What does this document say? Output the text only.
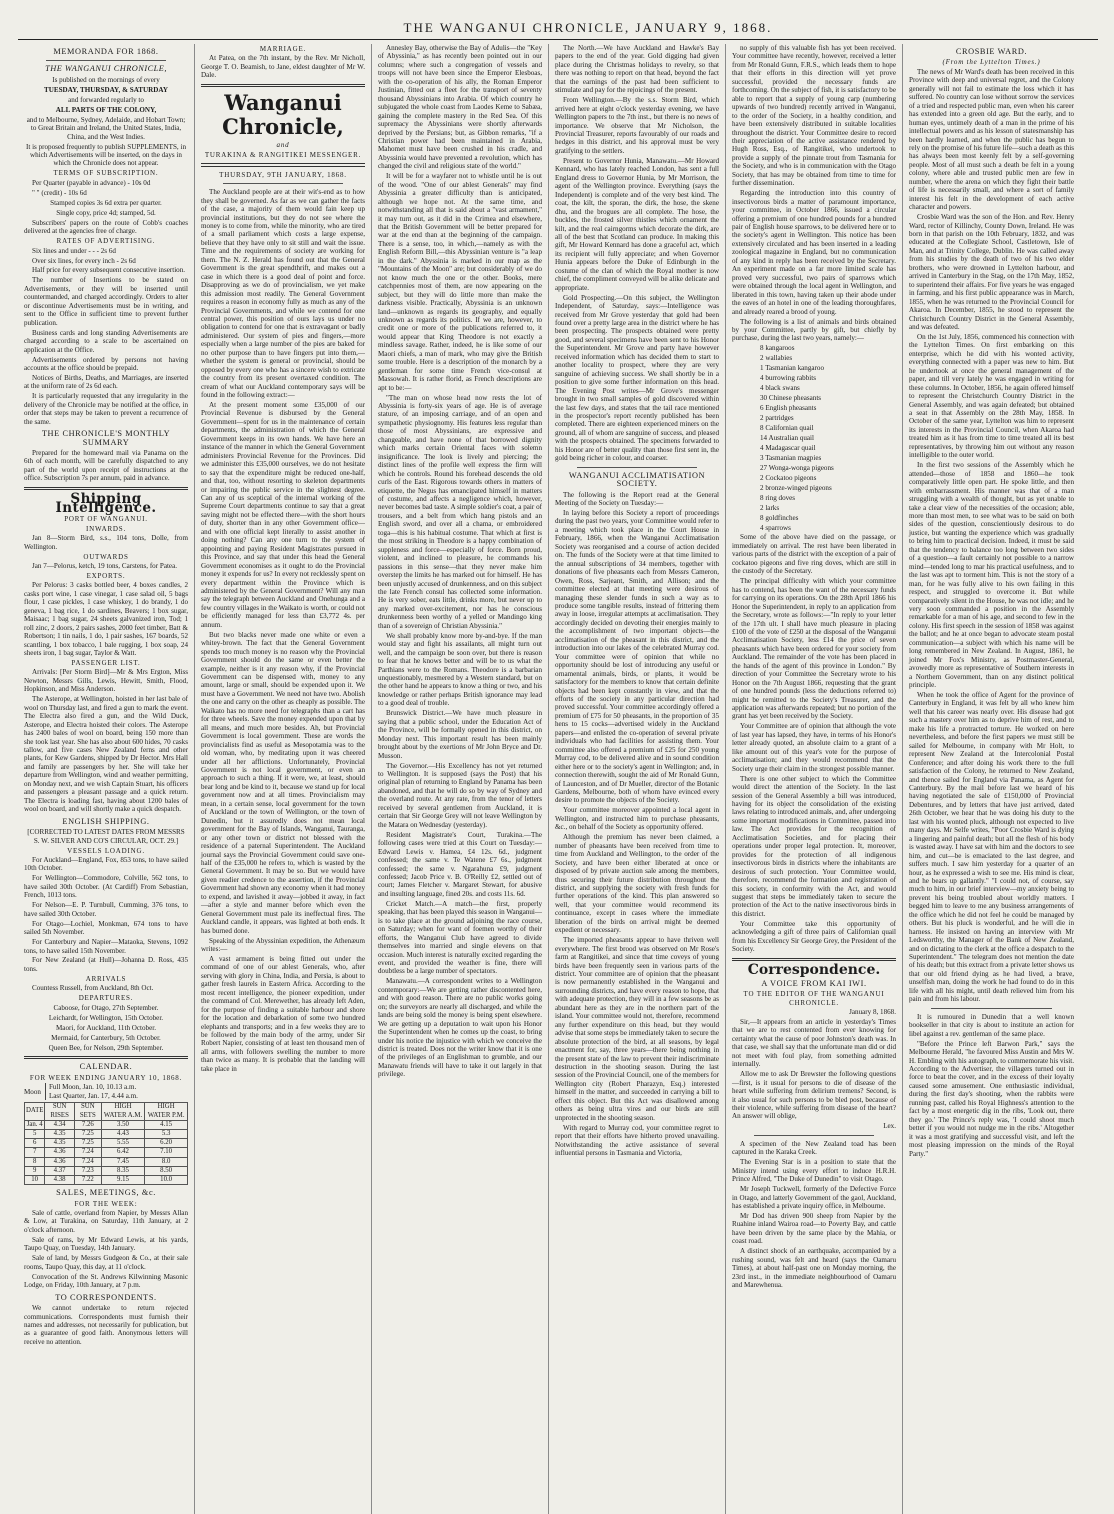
THE WANGANUI CHRONICLE, JANUARY 9, 1868.
MEMORANDA FOR 1868.
THE WANGANUI CHRONICLE,

Is published on the mornings of every

TUESDAY, THURSDAY, & SATURDAY

and forwarded regularly to

ALL PARTS OF THE COLONY,

and to Melbourne, Sydney, Adelaide, and Hobart Town; to Great Britain and Ireland, the United States, India, China, and the West Indies.

It is proposed frequently to publish SUPPLEMENTS, in which Advertisements will be inserted, on the days in which the Chronicle does not appear.

TERMS OF SUBSCRIPTION.

Per Quarter (payable in advance) - 10s 0d

" " (credit) - 10s 6d

Stamped copies 3s 6d extra per quarter.

Single copy, price 4d; stamped, 5d.

Subscribers' papers on the route of Cobb's coaches delivered at the agencies free of charge.

RATES OF ADVERTISING.

Six lines and under - - - 2s 6d

Over six lines, for every inch - 2s 6d

Half price for every subsequent consecutive insertion.

The number of Insertions to be stated on Advertisements, or they will be inserted until countermanded, and charged accordingly. Orders to alter or discontinue Advertisements must be in writing, and sent to the Office in sufficient time to prevent further publication.

Business cards and long standing Advertisements are charged according to a scale to be ascertained on application at the Office.

Advertisements ordered by persons not having accounts at the office should be prepaid.

Notices of Births, Deaths, and Marriages, are inserted at the uniform rate of 2s 6d each.

It is particularly requested that any irregularity in the delivery of the Chronicle may be notified at the office, in order that steps may be taken to prevent a recurrence of the same.

THE CHRONICLE'S MONTHLY SUMMARY

Prepared for the homeward mail via Panama on the 6th of each month, will be carefully dispatched to any part of the world upon receipt of instructions at the office. Subscription 7s per annum, paid in advance.

Shipping Intelligence.
PORT OF WANGANUI.
INWARDS.

Jan 8—Storm Bird, s.s., 104 tons, Dolle, from Wellington.

OUTWARDS

Jan 7—Pelorus, ketch, 19 tons, Carstens, for Patea.

EXPORTS.

Per Pelorus: 3 casks bottled beer, 4 boxes candles, 2 casks port wine, 1 case vinegar, 1 case salad oil, 5 bags flour, 1 case pickles, 1 case whiskey, 1 do brandy, 1 do geneva, 1 bag rice, 1 do sardines, Beavers; 1 box sugar, Maisaac; 1 bag sugar, 24 sheets galvanized iron, Tod; 1 roll zinc, 2 doors, 2 pairs sashes, 2000 feet timber, Batt & Robertson; 1 tin nails, 1 do, 1 pair sashes, 167 boards, 52 scantling, 1 box tobacco, 1 bale rugging, 1 box soap, 24 sheets iron, 1 bag sugar, Taylor & Watt.

PASSENGER LIST.

Arrivals: [Per Storm Bird]—Mr & Mrs Ergton, Miss Newton, Messrs Gills, Lewis, Hewitt, Smith, Flood, Hopkinson, and Miss Anderson.

The Asterope, at Wellington, hoisted in her last bale of wool on Thursday last, and fired a gun to mark the event. The Electra also fired a gun, and the Wild Duck, Asterope, and Electra hoisted their colors. The Asterope has 2400 bales of wool on board, being 150 more than she took last year. She has also about 600 hides, 70 casks tallow, and five cases New Zealand ferns and other plants, for Kew Gardens, shipped by Dr Hector. Mrs Hall and family are passengers by her. She will take her departure from Wellington, wind and weather permitting, on Monday next, and we wish Captain Stuart, his officers and passengers a pleasant passage and a quick return. The Electra is loading fast, having about 1200 bales of wool on board, and will shortly make a quick despatch.

ENGLISH SHIPPING.

[CORRECTED TO LATEST DATES FROM MESSRS S. W. SILVER AND CO'S CIRCULAR, OCT. 29.]

VESSELS LOADING.

For Auckland—England, Fox, 853 tons, to have sailed 10th October.

For Wellington—Commodore, Colville, 562 tons, to have sailed 30th October. (At Cardiff) From Sebastian, French, 1013 tons.

For Nelson—E. P. Turnbull, Cumming, 376 tons, to have sailed 30th October.

For Otago—Lochiel, Monkman, 674 tons to have sailed 5th November.

For Canterbury and Napier—Mataoka, Stevens, 1092 tons, to have sailed 15th November.

For New Zealand (at Hull)—Johanna D. Ross, 435 tons.

ARRIVALS

Countess Russell, from Auckland, 8th Oct.

DEPARTURES.

Caboose, for Otago, 27th September.

Leichardt, for Wellington, 15th October.

Maori, for Auckland, 11th October.

Mermaid, for Canterbury, 5th October.

Queen Bee, for Nelson, 29th September.

CALENDAR.
FOR WEEK ENDING JANUARY 10, 1868.
Moon
Full Moon, Jan. 10, 10.13 a.m.
Last Quarter, Jan. 17, 4.44 a.m.
DATE	SUN RISES	SUN SETS	HIGH WATER A.M.	HIGH WATER P.M.
Jan. 4	4.34	7.26	3.50	4.15
5	4.35	7.25	4.43	5.3
6	4.35	7.25	5.55	6.20
7	4.36	7.24	6.42	7.10
8	4.36	7.24	7.45	8.0
9	4.37	7.23	8.35	8.50
10	4.38	7.22	9.15	10.0
SALES, MEETINGS, &c.
FOR THE WEEK:

Sale of cattle, overland from Napier, by Messrs Allan & Low, at Turakina, on Saturday, 11th January, at 2 o'clock afternoon.

Sale of rams, by Mr Edward Lewis, at his yards, Taupo Quay, on Tuesday, 14th January.

Sale of land, by Messrs Gudgeon & Co., at their sale rooms, Taupo Quay, this day, at 11 o'clock.

Convocation of the St. Andrews Kilwinning Masonic Lodge, on Friday, 10th January, at 7 p.m.

TO CORRESPONDENTS.

We cannot undertake to return rejected communications. Correspondents must furnish their names and addresses, not necessarily for publication, but as a guarantee of good faith. Anonymous letters will receive no attention.

MARRIAGE.

At Patea, on the 7th instant, by the Rev. Mr Nicholl, George T. O. Beamish, to Jane, eldest daughter of Mr W. Dale.

Wanganui Chronicle,
and
TURAKINA & RANGITIKEI MESSENGER.
THURSDAY, 9TH JANUARY, 1868.

The Auckland people are at their wit's-end as to how they shall be governed. As far as we can gather the facts of the case, a majority of them would fain keep up provincial institutions, but they do not see where the money is to come from, while the minority, who are tired of a small parliament which costs a large expense, believe that they have only to sit still and wait the issue. Time and the requirements of society are working for them. The N. Z. Herald has found out that the General Government is the great spendthrift, and makes out a case in which there is a good deal of point and force. Disapproving as we do of provincialism, we yet make this admission most readily. The General Government requires a reason in economy fully as much as any of the Provincial Governments, and while we contend for one central power, this position of ours lays us under no obligation to contend for one that is extravagant or badly administered. Our system of pies and fingers,—more especially when a large number of the pies are baked for no other purpose than to have fingers put into them,—whether the system is general or provincial, should be opposed by every one who has a sincere wish to extricate the country from its present overtaxed condition. The cream of what our Auckland contemporary says will be found in the following extract:—

At the present moment some £35,000 of our Provincial Revenue is disbursed by the General Government—spent for us in the maintenance of certain departments, the administration of which the General Government keeps in its own hands. We have here an instance of the manner in which the General Government administers Provincial Revenue for the Provinces. Did we administer this £35,000 ourselves, we do not hesitate to say that the expenditure might be reduced one-half, and that, too, without resorting to skeleton departments or impairing the public service in the slightest degree. Can any of us sceptical of the internal working of the Supreme Court departments continue to say that a great saving might not be effected there—with the short hours of duty, shorter than in any other Government office—and with one official kept literally to assist another in doing nothing? Can any one turn to the system of appointing and paying Resident Magistrates pursued in this Province, and say that under this head the General Government economises as it ought to do the Provincial money it expends for us? In every not recklessly spent on every department within the Province which is administered by the General Government? Will any man say the telegraph between Auckland and Onehunga and a few country villages in the Waikato is worth, or could not be efficiently managed for less than £3,772 4s. per annum.

But two blacks never made one white or even a whitey-brown. The fact that the General Government spends too much money is no reason why the Provincial Government should do the same or even better the example, neither is it any reason why, if the Provincial Government can be dispensed with, money to any amount, large or small, should be expended upon it. We must have a Government. We need not have two. Abolish the one and carry on the other as cheaply as possible. The Waikato has no more need for telegraphs than a cart has for three wheels. Save the money expended upon that by all means, and much more besides. Ah, but Provincial Government is local government. These are words the provincialists find as useful as Mesopotamia was to the old woman, who, by meditating upon it was cheered under all her afflictions. Unfortunately, Provincial Government is not local government, or even an approach to such a thing. If it were, we, at least, should bear long and be kind to it, because we stand up for local government now and at all times. Provincialism may mean, in a certain sense, local government for the town of Auckland or the town of Wellington, or the town of Dunedin, but it assuredly does not mean local government for the Bay of Islands, Wanganui, Tauranga, or any other town or district not blessed with the residence of a paternal Superintendent. The Auckland journal says the Provincial Government could save one-half of the £35,000 he refers to, which is wasted by the General Government. It may be so. But we would have given readier credence to the assertion, if the Provincial Government had shown any economy when it had money to expend, and lavished it away—jobbed it away, in fact—after a style and manner before which even the General Government must pale its ineffectual fires. The Auckland candle, it appears, was lighted at both ends. It has burned done.

Speaking of the Abyssinian expedition, the Athenæum writes:—

A vast armament is being fitted out under the command of one of our ablest Generals, who, after serving with glory in China, India, and Persia, is about to gather fresh laurels in Eastern Africa. According to the most recent intelligence, the pioneer expedition, under the command of Col. Merewether, has already left Aden, for the purpose of finding a suitable harbour and shore for the location and debarkation of some two hundred elephants and transports; and in a few weeks they are to be followed by the main body of the army, under Sir Robert Napier, consisting of at least ten thousand men of all arms, with followers swelling the number to more than twice as many. It is probable that the landing will take place in

Annesley Bay, otherwise the Bay of Adulis—the "Key of Abyssinia," as has recently been pointed out in our columns; where such a congregation of vessels and troops will not have been since the Emperor Elesboas, with the co-operation of his ally, the Roman Emperor Justinian, fitted out a fleet for the transport of seventy thousand Abyssinians into Arabia. Of which country he subjugated the whole coast from Laodes Keme to Sabæa, gaining the complete mastery in the Red Sea. Of this supremacy the Abyssinians were shortly afterwards deprived by the Persians; but, as Gibbon remarks, "if a Christian power had been maintained in Arabia, Mahomet must have been crushed in his cradle, and Abyssinia would have prevented a revolution, which has changed the civil and religious state of the world."

It will be for a wayfarer not to whistle until he is out of the wood. "One of our ablest Generals" may find Abyssinia a greater difficulty than is anticipated, although we hope not. At the same time, and notwithstanding all that is said about a "vast armament," it may turn out, as it did in the Crimea and elsewhere, that the British Government will be better prepared for war at the end than at the beginning of the campaign. There is a sense, too, in which,—namely as with the English Reform Bill,—this Abyssinian venture is "a leap in the dark." Abyssinia is marked in our map as the "Mountains of the Moon" are; but considerably of we do not know much the one or the other. Books, mere catchpennies most of them, are now appearing on the subject, but they will do little more than make the darkness visible. Practically, Abyssinia is an unknown land—unknown as regards its geography, and equally unknown as regards its politics. If we are, however, to credit one or more of the publications referred to, it would appear that King Theodore is not exactly a mindless savage. Rather, indeed, he is like some of our Maori chiefs, a man of mark, who may give the British some trouble. Here is a description of the monarch by a gentleman for some time French vice-consul at Massowah. It is rather florid, as French descriptions are apt to be:—

"The man on whose head now rests the lot of Abyssinia is forty-six years of age. He is of average stature, of an imposing carriage, and of an open and sympathetic physiognomy. His features less regular than those of most Abyssinians, are expressive and changeable, and have none of that borrowed dignity which marks certain Oriental faces with solemn insignificance. The look is lively and piercing; the distinct lines of the profile well express the firm will which he controls. Round his forehead descends the old curls of the East. Rigorous towards others in matters of etiquette, the Negus has emancipated himself in matters of costume, and affects a negligence which, however, never becomes bad taste. A simple soldier's coat, a pair of trousers, and a belt from which hang pistols and an English sword, and over all a chama, or embroidered toga—this is his habitual costume. That which at first is the most striking in Theodore is a happy combination of suppleness and force—especially of force. Born proud, violent, and inclined to pleasure, he commands his passions in this sense—that they never make him overstep the limits he has marked out for himself. He has been unjustly accused of drunkenness, and on this subject the late French consul has collected some information. He is very sober, eats little, drinks more, but never up to any marked over-excitement, nor has he conscious drunkenness been worthy of a yelled or Mandingo king than of a sovereign of Christian Abyssinia."

We shall probably know more by-and-bye. If the man would stay and fight his assailants, all might turn out well, and the campaign be soon over, but there is reason to fear that he knows better and will be to us what the Parthians were to the Romans. Theodore is a barbarian unquestionably, mesmered by a Western standard, but on the other hand he appears to know a thing or two, and his knowledge or rather perhaps British ignorance may lead to a good deal of trouble.

Brunswick District.—We have much pleasure in saying that a public school, under the Education Act of the Province, will be formally opened in this district, on Monday next. This important result has been mainly brought about by the exertions of Mr John Bryce and Dr. Musson.

The Governor.—His Excellency has not yet returned to Wellington. It is supposed (says the Post) that his original plan of returning to England by Panama has been abandoned, and that he will do so by way of Sydney and the overland route. At any rate, from the tenor of letters received by several gentlemen from Auckland, it is certain that Sir George Grey will not leave Wellington by the Matara on Wednesday (yesterday).

Resident Magistrate's Court, Turakina.—The following cases were tried at this Court on Tuesday:—Edward Lewis v. Hamea, £4 12s. 6d., judgment confessed; the same v. Te Watene £7 6s., judgment confessed; the same v. Ngarahuna £9, judgment confessed; Jacob Price v. B. O'Reilly £2, settled out of court; James Fletcher v. Margaret Stewart, for abusive and insulting language, fined 20s. and costs 11s. 6d.

Cricket Match.—A match—the first, properly speaking, that has been played this season in Wanganui—is to take place at the ground adjoining the race course, on Saturday; when for want of foemen worthy of their efforts, the Wanganui Club have agreed to divide themselves into married and single elevens on that occasion. Much interest is naturally excited regarding the event, and provided the weather is fine, there will doubtless be a large number of spectators.

Manawatu.—A correspondent writes to a Wellington contemporary:—We are getting rather discontented here, and with good reason. There are no public works going on; the surveyors are nearly all discharged, and while the lands are being sold the money is being spent elsewhere. We are getting up a deputation to wait upon his Honor the Superintendent when he comes up the coast, to bring under his notice the injustice with which we conceive the district is treated. Does not the writer know that it is one of the privileges of an Englishman to grumble, and our Manawatu friends will have to take it out largely in that privilege.

The North.—We have Auckland and Hawke's Bay papers to the end of the year. Gold digging had given place during the Christmas holidays to revelry, so that there was nothing to report on that head, beyond the fact that the earnings of the past had been sufficient to stimulate and pay for the rejoicings of the present.

From Wellington.—By the s.s. Storm Bird, which arrived here at eight o'clock yesterday evening, we have Wellington papers to the 7th inst., but there is no news of importance. We observe that Mr Nicholson, the Provincial Treasurer, reports favourably of our roads and hedges in this district, and his approval must be very gratifying to the settlers.

Present to Governor Hunia, Manawatu.—Mr Howard Kennard, who has lately reached London, has sent a full England dress to Governor Hunia, by Mr Morrison, the agent of the Wellington province. Everything (says the Independent) is complete and of the very best kind. The coat, the kilt, the sporan, the dirk, the hose, the skene dhu, and the brogues are all complete. The hose, the buckles, the frosted silver thistles which ornament the kilt, and the real cairngorms which decorate the dirk, are all of the best that Scotland can produce. In making this gift, Mr Howard Kennard has done a graceful act, which its recipient will fully appreciate; and when Governor Hunia appears before the Duke of Edinburgh in the costume of the clan of which the Royal mother is now chief, the compliment conveyed will be alike delicate and appropriate.

Gold Prospecting.—On this subject, the Wellington Independent, of Saturday, says:—Intelligence was received from Mr Grove yesterday that gold had been found over a pretty large area in the district where he has been prospecting. The prospects obtained were pretty good, and several specimens have been sent to his Honor the Superintendent. Mr Grove and party have however received information which has decided them to start to another locality to prospect, where they are very sanguine of achieving success. We shall shortly be in a position to give some further information on this head. The Evening Post writes—Mr Grove's messenger brought in two small samples of gold discovered within the last few days, and states that the tail race mentioned in the prospector's report recently published has been completed. There are eighteen experienced miners on the ground, all of whom are sanguine of success, and pleased with the prospects obtained. The specimens forwarded to his Honor are of better quality than those first sent in, the gold being richer in colour, and coarser.

WANGANUI ACCLIMATISATION SOCIETY.

The following is the Report read at the General Meeting of the Society on Tuesday:—

In laying before this Society a report of proceedings during the past two years, your Committee would refer to a meeting which took place in the Court House in February, 1866, when the Wanganui Acclimatisation Society was reorganised and a course of action decided on. The funds of the Society were at that time limited to the annual subscriptions of 34 members, together with donations of five pheasants each from Messrs Cameron, Owen, Ross, Sarjeant, Smith, and Allison; and the committee elected at that meeting were desirous of managing these slender funds in such a way as to produce some tangible results, instead of frittering them away in loose, irregular attempts at acclimatisation. They accordingly decided on devoting their energies mainly to the accomplishment of two important objects—the acclimatisation of the pheasant in this district, and the introduction into our lakes of the celebrated Murray cod. Your committee were of opinion that while no opportunity should be lost of introducing any useful or ornamental animals, birds, or plants, it would be satisfactory for the members to know that certain definite objects had been kept constantly in view, and that the efforts of the society in any particular direction had proved successful. Your committee accordingly offered a premium of £75 for 50 pheasants, in the proportion of 35 hens to 15 cocks—advertised widely in the Auckland papers—and enlisted the co-operation of several private individuals who had facilities for assisting them. Your committee also offered a premium of £25 for 250 young Murray cod, to be delivered alive and in sound condition either here or to the society's agent in Wellington; and, in connection therewith, sought the aid of Mr Ronald Gunn, of Launceston, and of Dr Mueller, director of the Botanic Gardens, Melbourne, both of whom have evinced every desire to promote the objects of the Society.

Your committee moreover appointed a local agent in Wellington, and instructed him to purchase pheasants, &c., on behalf of the Society as opportunity offered.

Although the premium has never been claimed, a number of pheasants have been received from time to time from Auckland and Wellington, to the order of the Society, and have been either liberated at once or disposed of by private auction sale among the members, thus securing their future distribution throughout the district, and supplying the society with fresh funds for further operations of the kind. This plan answered so well, that your committee would recommend its continuance, except in cases where the immediate liberation of the birds on arrival might be deemed expedient or necessary.

The imported pheasants appear to have thriven well everywhere. The first brood was observed on Mr Rose's farm at Rangitikei, and since that time coveys of young birds have been frequently seen in various parts of the district. Your committee are of opinion that the pheasant is now permanently established in the Wanganui and surrounding districts, and have every reason to hope, that with adequate protection, they will in a few seasons be as abundant here as they are in the northern part of the island. Your committee would not, therefore, recommend any further expenditure on this head, but they would advise that some steps be immediately taken to secure the absolute protection of the bird, at all seasons, by legal enactment for, say, three years—there being nothing in the present state of the law to prevent their indiscriminate destruction in the shooting season. During the last session of the Provincial Council, one of the members for Wellington city (Robert Pharazyn, Esq.) interested himself in the matter, and succeeded in carrying a bill to effect this object. But this Act was disallowed among others as being ultra vires and our birds are still unprotected in the shooting season.

With regard to Murray cod, your committee regret to report that their efforts have hitherto proved unavailing. Notwithstanding the active assistance of several influential persons in Tasmania and Victoria,

no supply of this valuable fish has yet been received. Your committee have recently, however, received a letter from Mr Ronald Gunn, F.R.S., which leads them to hope that their efforts in this direction will yet prove successful, provided the necessary funds are forthcoming. On the subject of fish, it is satisfactory to be able to report that a supply of young carp (numbering upwards of two hundred) recently arrived in Wanganui, to the order of the Society, in a healthy condition, and have been extensively distributed in suitable localities throughout the district. Your Committee desire to record their appreciation of the active assistance rendered by Hugh Ross, Esq., of Rangitikei, who undertook to provide a supply of the pinnate trout from Tasmania for the Society, and who is in communication with the Otago Society, that has may be obtained from time to time for further dissemination.

Regarding the introduction into this country of insectivorous birds a matter of paramount importance, your committee, in October 1866, issued a circular offering a premium of one hundred pounds for a hundred pair of English house sparrows, to be delivered here or to the society's agent in Wellington. This notice has been extensively circulated and has been inserted in a leading zoological magazine in England, but no communication of any kind in reply has been received by the Secretary. An experiment made on a far more limited scale has proved very successful, two pairs of sparrows which were obtained through the local agent in Wellington, and liberated in this town, having taken up their abode under the eaves of an hotel in one of the leading thoroughfares, and already reared a brood of young.

The following is a list of animals and birds obtained by your Committee, partly by gift, but chiefly by purchase, during the last two years, namely:—

8 kangaroos

2 wallabies

1 Tasmanian kangaroo

4 burrowing rabbits

4 black swans

30 Chinese pheasants

6 English pheasants

2 partridges

8 Californian quail

14 Australian quail

4 Madagascar quail

3 Tasmanian magpies

27 Wonga-wonga pigeons

2 Cockatoo pigeons

2 bronze-winged pigeons

8 ring doves

2 larks

8 goldfinches

4 sparrows

Some of the above have died on the passage, or immediately on arrival. The rest have been liberated in various parts of the district with the exception of a pair of cockatoo pigeons and five ring doves, which are still in the custody of the Secretary.

The principal difficulty with which your committee has to contend, has been the want of the necessary funds for carrying on its operations. On the 28th April 1866 his Honor the Superintendent, in reply to an application from the Secretary, wrote as follows:—"In reply to your letter of the 17th ult. I shall have much pleasure in placing £100 of the vote of £250 at the disposal of the Wanganui Acclimatisation Society, less £14 the price of seven pheasants which have been ordered for your society from Auckland. The remainder of the vote has been placed in the hands of the agent of this province in London." By direction of your Committee the Secretary wrote to his Honor on the 7th August 1866, requesting that the grant of one hundred pounds (less the deductions referred to) might be remitted to the Society's Treasurer, and the application was afterwards repeated; but no portion of the grant has yet been received by the Society.

Your Committee are of opinion that although the vote of last year has lapsed, they have, in terms of his Honor's letter already quoted, an absolute claim to a grant of a like amount out of this year's vote for the purpose of acclimatisation; and they would recommend that the Society urge their claim in the strongest possible manner.

There is one other subject to which the Committee would direct the attention of the Society. In the last session of the General Assembly a bill was introduced, having for its object the consolidation of the existing laws relating to introduced animals, and, after undergoing some important modifications in Committee, passed into law. The Act provides for the recognition of Acclimatisation Societies, and for placing their operations under proper legal protection. It, moreover, provides for the protection of all indigenous insectivorous birds in districts where the inhabitants are desirous of such protection. Your Committee would, therefore, recommend the formation and registration of this society, in conformity with the Act, and would suggest that steps be immediately taken to secure the protection of the Act to the native insectivorous birds in this district.

Your Committee take this opportunity of acknowledging a gift of three pairs of Californian quail from his Excellency Sir George Grey, the President of the Society.

Correspondence.
A VOICE FROM KAI IWI.
TO THE EDITOR OF THE WANGANUI CHRONICLE.

January 8, 1868.

Sir,—It appears from an article in yesterday's Times that we are to rest contented from ever knowing for certainty what the cause of poor Johnston's death was. In that case, we shall say that the unfortunate man did or did not meet with foul play, from something admitted internally.

Allow me to ask Dr Brewster the following questions—first, is it usual for persons to die of disease of the heart while suffering from delirium tremens? Second, is it also usual for such persons to be bled post, because of their violence, while suffering from disease of the heart? An answer will oblige,

Lex.

A specimen of the New Zealand toad has been captured in the Karaka Creek.

The Evening Star is in a position to state that the Ministry intend using every effort to induce H.R.H. Prince Alfred, "The Duke of Dunedin" to visit Otago.

Mr Joseph Tuckwell, formerly of the Defective Force in Otago, and latterly Government of the gaol, Auckland, has established a private inquiry office, in Melbourne.

Mr Dod has driven 900 sheep from Napier by the Ruahine inland Wairoa road—to Poverty Bay, and cattle have been driven by the same place by the Mahia, or coast road.

A distinct shock of an earthquake, accompanied by a rushing sound, was felt and heard (says the Oamaru Times), at about half-past one on Monday morning, the 23rd inst., in the immediate neighbourhood of Oamaru and Marewhenua.

CROSBIE WARD.
(From the Lyttelton Times.)

The news of Mr Ward's death has been received in this Province with deep and universal regret, and the Colony generally will not fail to estimate the loss which it has suffered. No country can lose without sorrow the services of a tried and respected public man, even when his career has extended into a green old age. But the early, and to human eyes, untimely death of a man in the prime of his intellectual powers and as his lesson of statesmanship has been hardly learned, and when the public has begun to rely on the promise of his future life—such a death as this has always been most keenly felt by a self-governing people. Most of all must such a death be felt in a young colony, where able and trusted public men are few in number, where the arena on which they fight their battle of life is necessarily small, and where a sort of family interest his felt in the development of each active character and powers.

Crosbie Ward was the son of the Hon. and Rev. Henry Ward, rector of Killinchy, County Down, Ireland. He was born in that parish on the 10th February, 1832, and was educated at the Collegiate School, Castletown, Isle of Man, and at Trinity College, Dublin. He was called away from his studies by the death of two of his two elder brothers, who were drowned in Lyttelton harbour, and arrived in Canterbury in the Stag, on the 17th May, 1852, to superintend their affairs. For five years he was engaged in farming, and his first public appearance was in March, 1855, when he was returned to the Provincial Council for Akaroa. In December, 1855, he stood to represent the Christchurch Country District in the General Assembly, and was defeated.

On the 1st July, 1856, commenced his connection with the Lyttelton Times. On first embarking on this enterprise, which he did with his wonted activity, everything connected with a paper was new to him. But he undertook at once the general management of the paper, and till very lately he was engaged in writing for these columns. In October, 1856, he again offered himself to represent the Christchurch Country District in the General Assembly, and was again defeated; but obtained a seat in that Assembly on the 28th May, 1858. In October of the same year, Lyttelton was him to represent its interests in the Provincial Council, when Akaroa had treated him as it has from time to time treated all its best representatives, by throwing him out without any reason intelligible to the outer world.

In the first two sessions of the Assembly which he attended—those of 1858 and 1860—he took comparatively little open part. He spoke little, and then with embarrassment. His manner was that of a man struggling with a wealth of thought, but as yet unable to take a clear view of the necessities of the occasion; able, more than most men, to see what was to be said on both sides of the question, conscientiously desirous to do justice, but wanting the experience which was gradually to bring him to practical decision. Indeed, it must be said that the tendency to balance too long between two sides of a question—a fault certainly not possible to a narrow mind—tended long to mar his practical usefulness, and to the last was apt to torment him. This is not the story of a man, for he was fully alive to his own failing in this respect, and struggled to overcome it. But while comparatively silent in the House, he was not idle; and he very soon commanded a position in the Assembly remarkable for a man of his age, and second to few in the colony. His first speech in the session of 1858 was against the ballot; and he at once began to advocate steam postal communication—a subject with which his name will be long remembered in New Zealand. In August, 1861, he joined Mr Fox's Ministry, as Postmaster-General, avowedly more as representative of Southern interests in a Northern Government, than on any distinct political principle.

When he took the office of Agent for the province of Canterbury in England, it was felt by all who knew him well that his career was nearly over. His disease had got such a mastery over him as to deprive him of rest, and to make his life a protracted torture. He worked on here nevertheless, and before the first papers we must still be sailed for Melbourne, in company with Mr Holt, to represent New Zealand at the Intercolonial Postal Conference; and after doing his work there to the full satisfaction of the Colony, he returned to New Zealand, and thence sailed for England via Panama, as Agent for Canterbury. By the mail before last we heard of his having negotiated the sale of £150,000 of Provincial Debentures, and by letters that have just arrived, dated 26th October, we hear that he was doing his duty to the last with his wonted pluck, although not expected to live many days. Mr Selfe writes, "Poor Crosbie Ward is dying a lingering and painful death; but all the flesh of his body is wasted away. I have sat with him and the doctors to see him, and cut—be is emaciated to the last degree, and suffers much. I saw him yesterday for a quarter of an hour, as he expressed a wish to see me. His mind is clear, and he bears up gallantly." "I could not, of course, say much to him, in our brief interview—my anxiety being to prevent his being troubled about worldly matters. I begged him to leave to me any business arrangements of the office which he did not feel he could be managed by others. But his pluck is wonderful, and he will die in harness. He insisted on having an interview with Mr Ledsworthy, the Manager of the Bank of New Zealand, and on dictating to the clerk at the office a despatch to the Superintendent." The telegram does not mention the date of his death; but this extract from a private letter shows us that our old friend dying as he had lived, a brave, unselfish man, doing the work he had found to do in this life with all his might, until death relieved him from his pain and from his labour.

It is rumoured in Dunedin that a well known bookseller in that city is about to institute an action for libel against a rev. gentleman of the same place.

"Before the Prince left Barwon Park," says the Melbourne Herald, "he favoured Miss Austin and Mrs W. H. Embling with his autograph, to commemorate his visit. According to the Advertiser, the villagers turned out in force to beat the cover, and in the excess of their loyalty caused some amusement. One enthusiastic individual, during the first day's shooting, when the rabbits were running past, called his Royal Highness's attention to the fact by a most energetic dig in the ribs, 'Look out, there they go.' The Prince's reply was, 'I could shoot much better if you would not nudge me in the ribs.' Altogether it was a most gratifying and successful visit, and left the most pleasing impression on the minds of the Royal Party."
